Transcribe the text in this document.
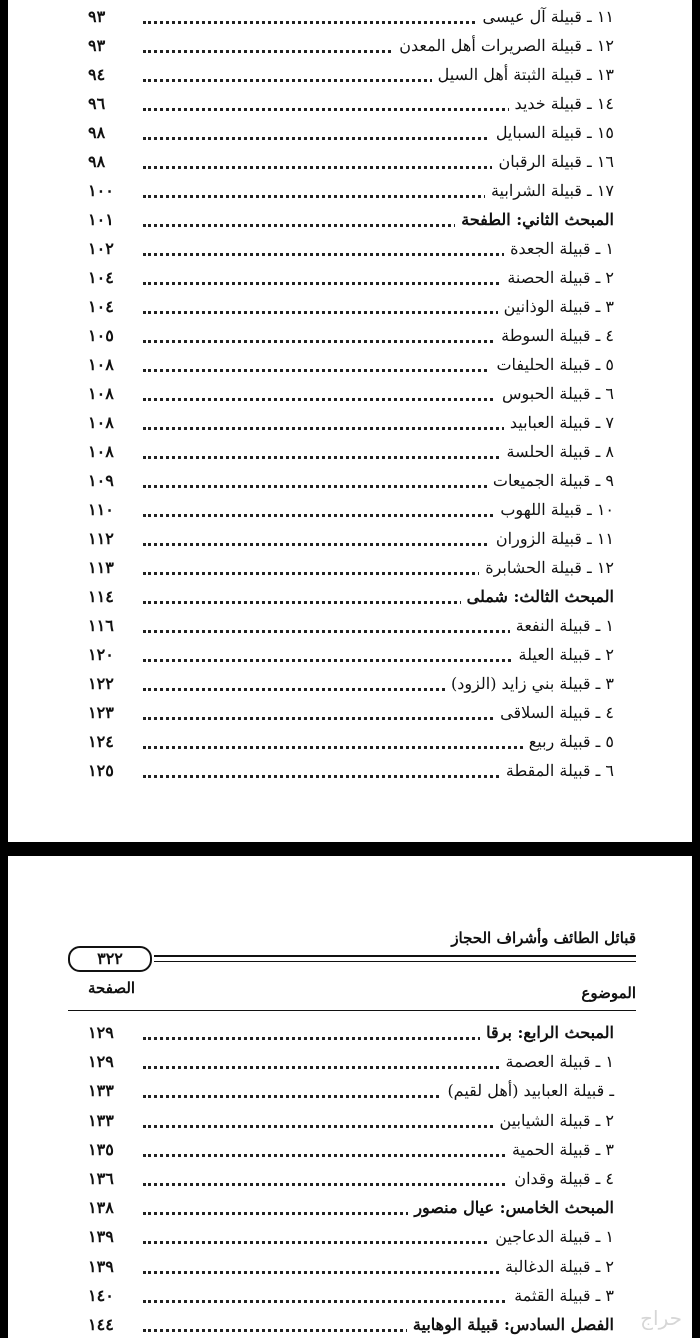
٩٣	١١ ـ قبيلة آل عيسى
٩٣	١٢ ـ قبيلة الصريرات أهل المعدن
٩٤	١٣ ـ قبيلة الثبتة أهل السيل
٩٦	١٤ ـ قبيلة خديد
٩٨	١٥ ـ قبيلة السبايل
٩٨	١٦ ـ قبيلة الرقبان
١٠٠	١٧ ـ قبيلة الشرابية
١٠١	المبحث الثاني: الطفحة
١٠٢	١ ـ قبيلة الجعدة
١٠٤	٢ ـ قبيلة الحصنة
١٠٤	٣ ـ قبيلة الوذانين
١٠٥	٤ ـ قبيلة السوطة
١٠٨	٥ ـ قبيلة الحليفات
١٠٨	٦ ـ قبيلة الحبوس
١٠٨	٧ ـ قبيلة العبابيد
١٠٨	٨ ـ قبيلة الحلسة
١٠٩	٩ ـ قبيلة الجميعات
١١٠	١٠ ـ قبيلة اللهوب
١١٢	١١ ـ قبيلة الزوران
١١٣	١٢ ـ قبيلة الحشابرة
١١٤	المبحث الثالث: شملى
١١٦	١ ـ قبيلة النفعة
١٢٠	٢ ـ قبيلة العيلة
١٢٢	٣ ـ قبيلة بني زايد (الزود)
١٢٣	٤ ـ قبيلة السلاقى
١٢٤	٥ ـ قبيلة ربيع
١٢٥	٦ ـ قبيلة المقطة
قبائل الطائف وأشراف الحجاز
٣٢٢
الموضوع
الصفحة
١٢٩	المبحث الرابع: برقا
١٢٩	١ ـ قبيلة العصمة
١٣٣	ـ قبيلة العبابيد (أهل لقيم)
١٣٣	٢ ـ قبيلة الشيابين
١٣٥	٣ ـ قبيلة الحمية
١٣٦	٤ ـ قبيلة وقدان
١٣٨	المبحث الخامس: عيال منصور
١٣٩	١ ـ قبيلة الدعاجين
١٣٩	٢ ـ قبيلة الدغالبة
١٤٠	٣ ـ قبيلة القثمة
١٤٤	الفصل السادس: قبيلة الوهابية حراج
